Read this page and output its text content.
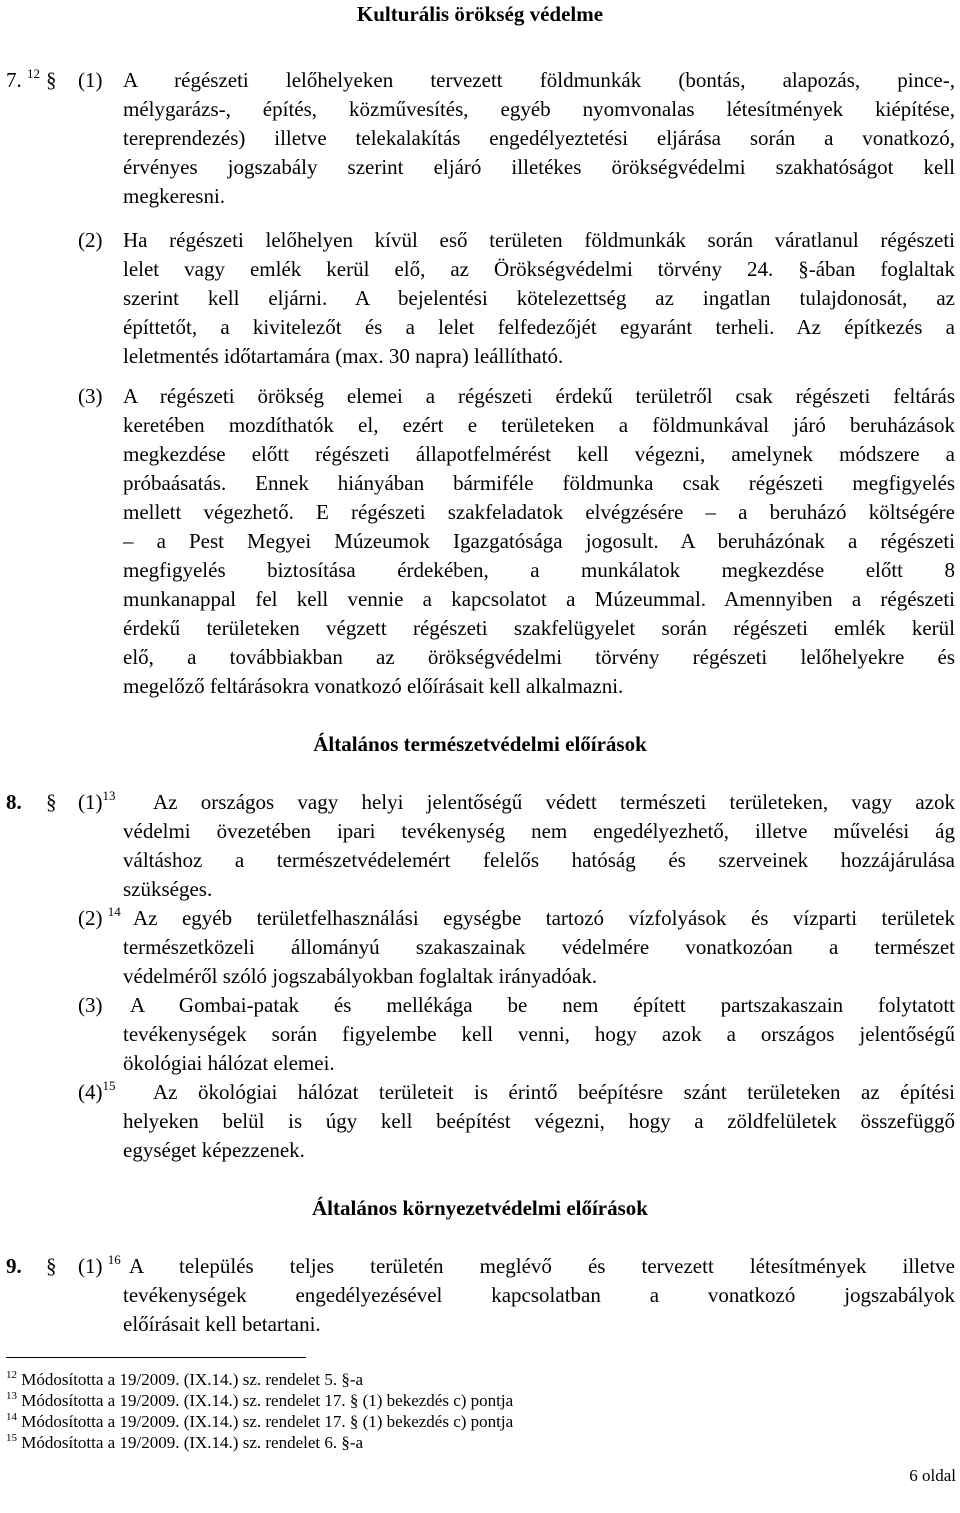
Kulturális örökség védelme
7. $^{12}$ § (1) A régészeti lelőhelyeken tervezett földmunkák (bontás, alapozás, pince-,
mélygarázs-, építés, közművesítés, egyéb nyomvonalas létesítmények kiépítése,
tereprendezés) illetve telekalakítás engedélyeztetési eljárása során a vonatkozó,
érvényes jogszabály szerint eljáró illetékes örökségvédelmi szakhatóságot kell
megkeresni.
(2) Ha régészeti lelőhelyen kívül eső területen földmunkák során váratlanul régészeti
lelet vagy emlék kerül elő, az Örökségvédelmi törvény 24. §-ában foglaltak
szerint kell eljárni. A bejelentési kötelezettség az ingatlan tulajdonosát, az
építtetőt, a kivitelezőt és a lelet felfedezőjét egyaránt terheli. Az építkezés a
leletmentés időtartamára (max. 30 napra) leállítható.
(3) A régészeti örökség elemei a régészeti érdekű területről csak régészeti feltárás
keretében mozdíthatók el, ezért e területeken a földmunkával járó beruházások
megkezdése előtt régészeti állapotfelmérést kell végezni, amelynek módszere a
próbaásatás. Ennek hiányában bármiféle földmunka csak régészeti megfigyelés
mellett végezhető. E régészeti szakfeladatok elvégzésére – a beruházó költségére
– a Pest Megyei Múzeumok Igazgatósága jogosult. A beruházónak a régészeti
megfigyelés biztosítása érdekében, a munkálatok megkezdése előtt 8
munkanappal fel kell vennie a kapcsolatot a Múzeummal. Amennyiben a régészeti
érdekű területeken végzett régészeti szakfelügyelet során régészeti emlék kerül
elő, a továbbiakban az örökségvédelmi törvény régészeti lelőhelyekre és
megelőző feltárásokra vonatkozó előírásait kell alkalmazni.
Általános természetvédelmi előírások
8. § $(1)^{13}$	Az országos vagy helyi jelentőségű védett természeti területeken, vagy azok
védelmi övezetében ipari tevékenység nem engedélyezhető, illetve művelési ág
váltáshoz a természetvédelemért felelős hatóság és szerveinek hozzájárulása
szükséges.
(2) $^{14}$ Az egyéb területfelhasználási egységbe tartozó vízfolyások és vízparti területek
természetközeli állományú szakaszainak védelmére vonatkozóan a természet
védelméről szóló jogszabályokban foglaltak irányadóak.
(3)	A Gombai-patak és mellékága be nem épített partszakaszain folytatott
tevékenységek során figyelembe kell venni, hogy azok a országos jelentőségű
ökológiai hálózat elemei.
$(4)^{15}$	Az ökológiai hálózat területeit is érintő beépítésre szánt területeken az építési
helyeken belül is úgy kell beépítést végezni, hogy a zöldfelületek összefüggő
egységet képezzenek.
Általános környezetvédelmi előírások
9. § (1) $^{16}$ A település teljes területén meglévő és tervezett létesítmények illetve
tevékenységek engedélyezésével kapcsolatban a vonatkozó jogszabályok
előírásait kell betartani.
$^{12}$ Módosította a 19/2009. (IX.14.) sz. rendelet 5. §-a
$^{13}$ Módosította a 19/2009. (IX.14.) sz. rendelet 17. § (1) bekezdés c) pontja
$^{14}$ Módosította a 19/2009. (IX.14.) sz. rendelet 17. § (1) bekezdés c) pontja
$^{15}$ Módosította a 19/2009. (IX.14.) sz. rendelet 6. §-a
6 oldal
